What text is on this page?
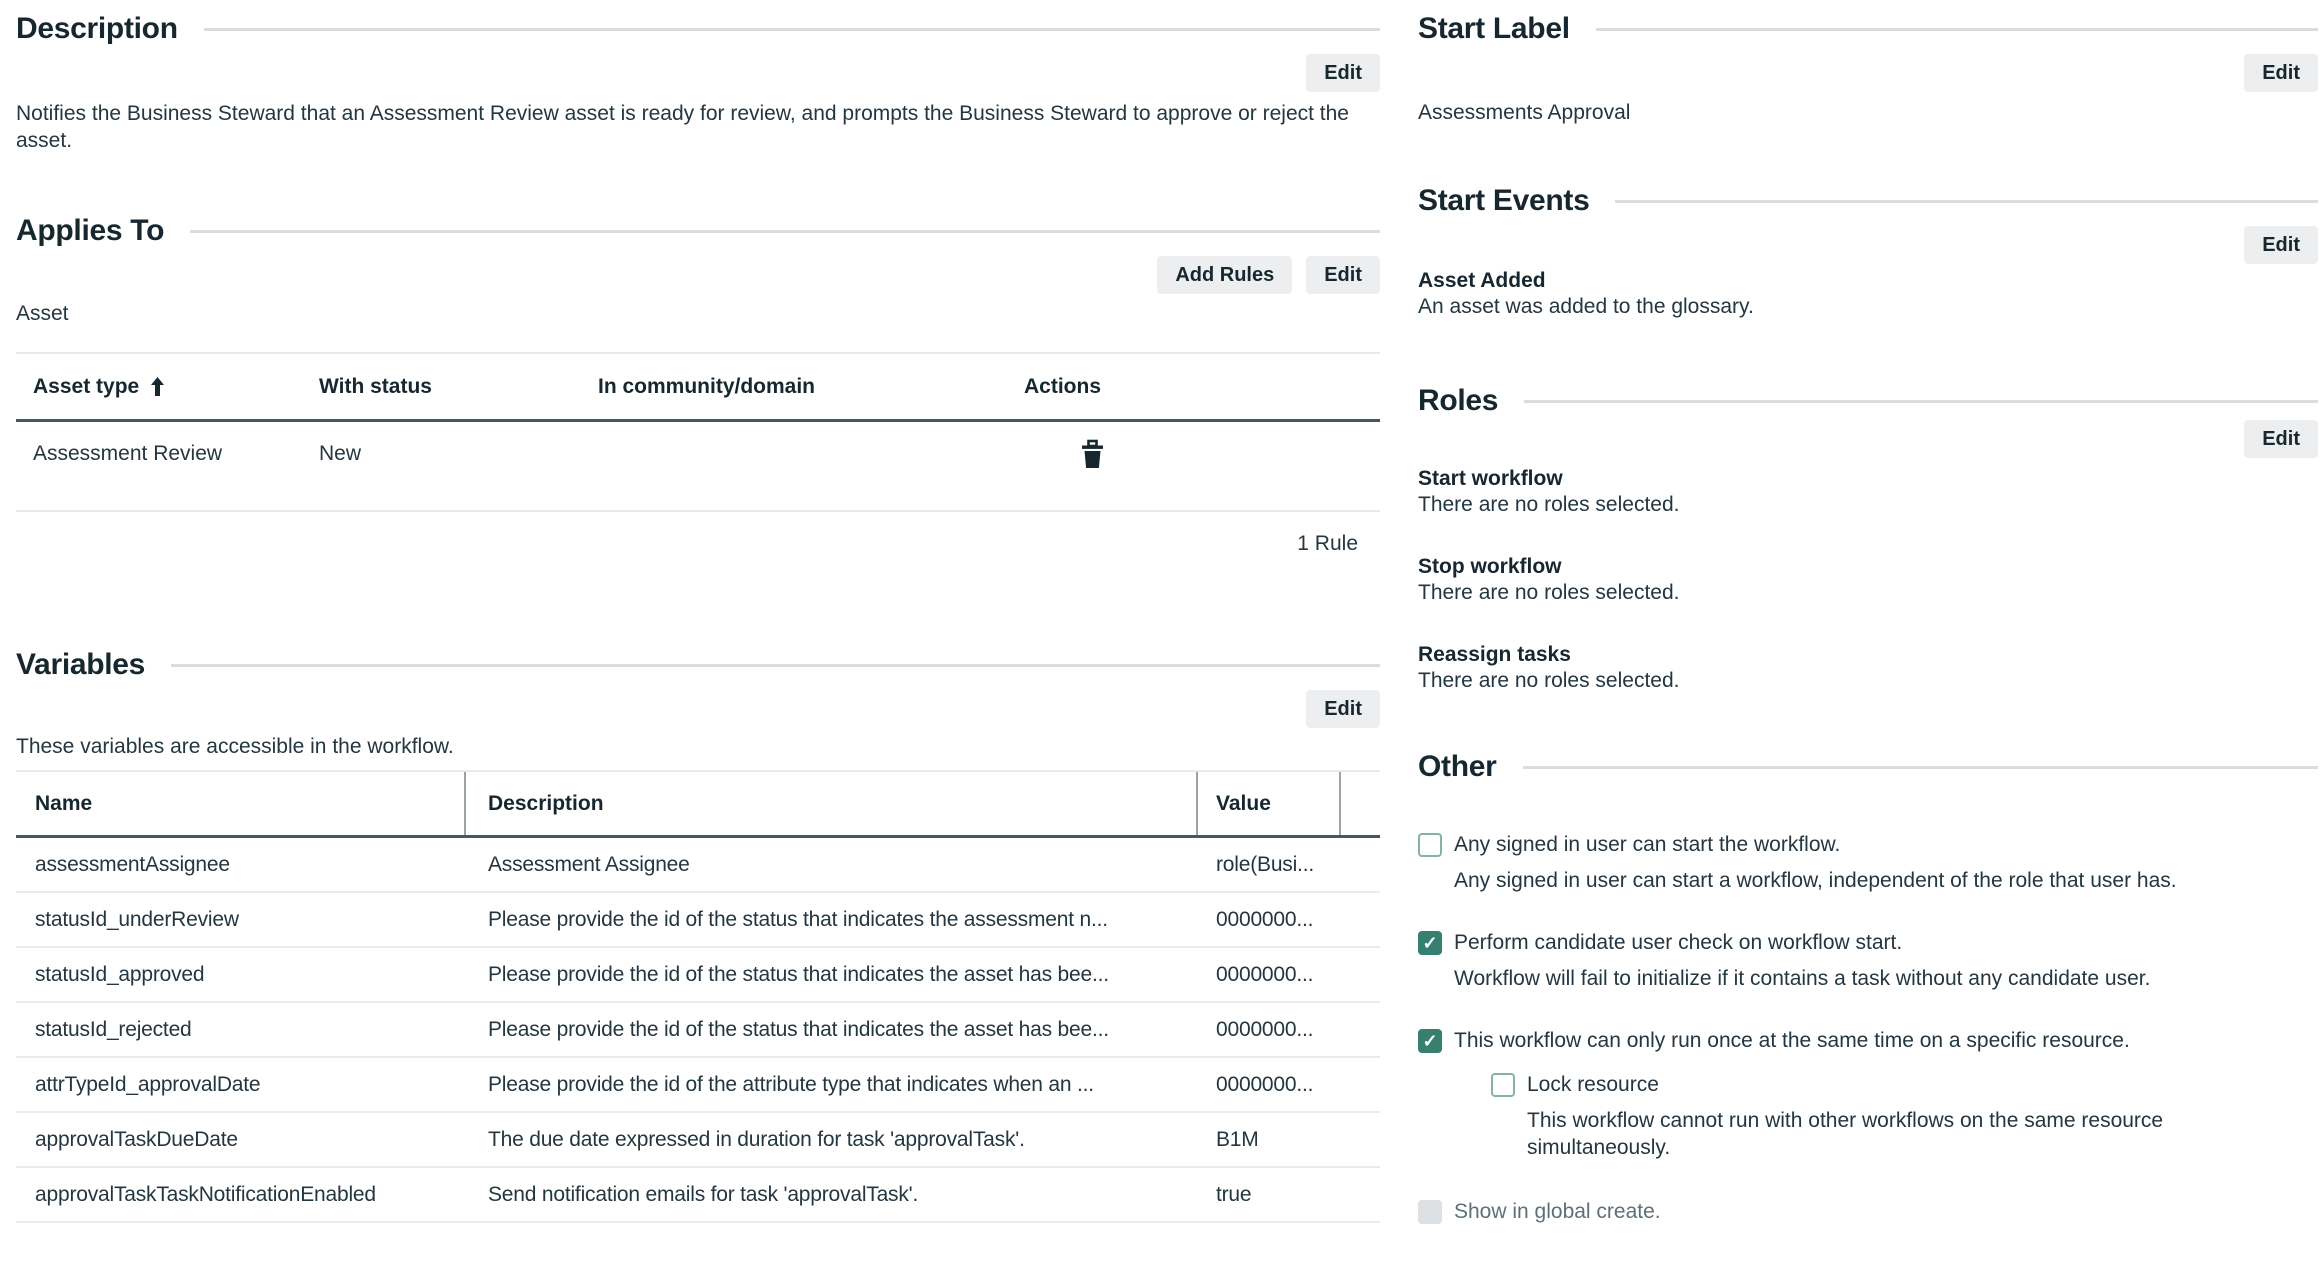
Description
Edit

Notifies the Business Steward that an Assessment Review asset is ready for review, and prompts the Business Steward to approve or reject the asset.

Applies To
Add Rules	Edit
Asset
Asset type	With status	In community/domain	Actions
Assessment Review	New
1 Rule
Variables
Edit
These variables are accessible in the workflow.
Name	Description	Value
assessmentAssignee	Assessment Assignee	role(Busi...
statusId_underReview	Please provide the id of the status that indicates the assessment n...	0000000...
statusId_approved	Please provide the id of the status that indicates the asset has bee...	0000000...
statusId_rejected	Please provide the id of the status that indicates the asset has bee...	0000000...
attrTypeId_approvalDate	Please provide the id of the attribute type that indicates when an ...	0000000...
approvalTaskDueDate	The due date expressed in duration for task 'approvalTask'.	B1M
approvalTaskTaskNotificationEnabled	Send notification emails for task 'approvalTask'.	true
Start Label
Edit
Assessments Approval
Start Events
Edit
Asset Added
An asset was added to the glossary.
Roles
Edit
Start workflow
There are no roles selected.
Stop workflow
There are no roles selected.
Reassign tasks
There are no roles selected.
Other
Any signed in user can start the workflow.
Any signed in user can start a workflow, independent of the role that user has.
✓
Perform candidate user check on workflow start.
Workflow will fail to initialize if it contains a task without any candidate user.
✓
This workflow can only run once at the same time on a specific resource.
Lock resource
This workflow cannot run with other workflows on the same resource simultaneously.
Show in global create.
